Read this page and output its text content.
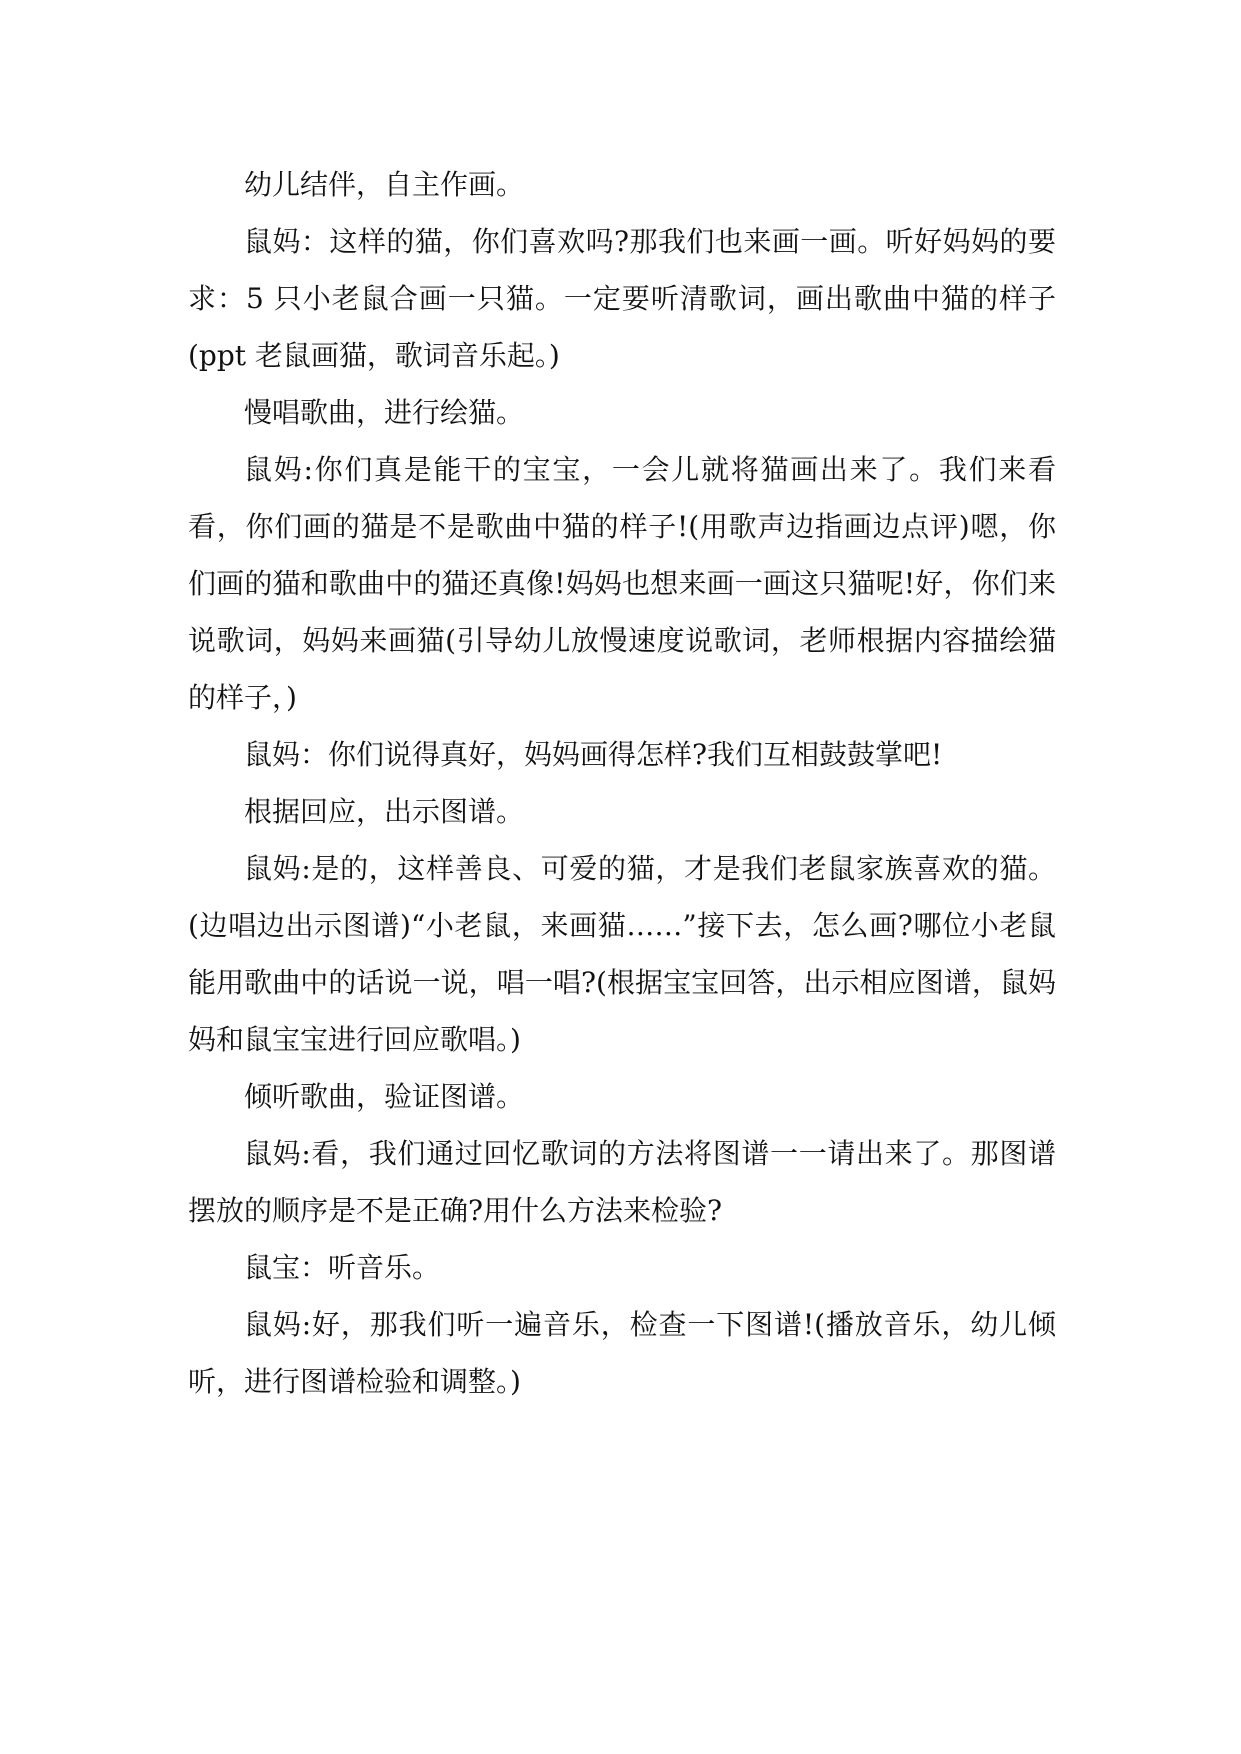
幼儿结伴，自主作画。

鼠妈：这样的猫，你们喜欢吗?那我们也来画一画。听好妈妈的要求：5 只小老鼠合画一只猫。一定要听清歌词，画出歌曲中猫的样子(ppt 老鼠画猫，歌词音乐起。)

慢唱歌曲，进行绘猫。

鼠妈:你们真是能干的宝宝，一会儿就将猫画出来了。我们来看看，你们画的猫是不是歌曲中猫的样子!(用歌声边指画边点评)嗯，你们画的猫和歌曲中的猫还真像!妈妈也想来画一画这只猫呢!好，你们来说歌词，妈妈来画猫(引导幼儿放慢速度说歌词，老师根据内容描绘猫的样子，)

鼠妈：你们说得真好，妈妈画得怎样?我们互相鼓鼓掌吧!

根据回应，出示图谱。

鼠妈:是的，这样善良、可爱的猫，才是我们老鼠家族喜欢的猫。(边唱边出示图谱)“小老鼠，来画猫……”接下去，怎么画?哪位小老鼠能用歌曲中的话说一说，唱一唱?(根据宝宝回答，出示相应图谱，鼠妈妈和鼠宝宝进行回应歌唱。)

倾听歌曲，验证图谱。

鼠妈:看，我们通过回忆歌词的方法将图谱一一请出来了。那图谱摆放的顺序是不是正确?用什么方法来检验?

鼠宝：听音乐。

鼠妈:好，那我们听一遍音乐，检查一下图谱!(播放音乐，幼儿倾听，进行图谱检验和调整。)
